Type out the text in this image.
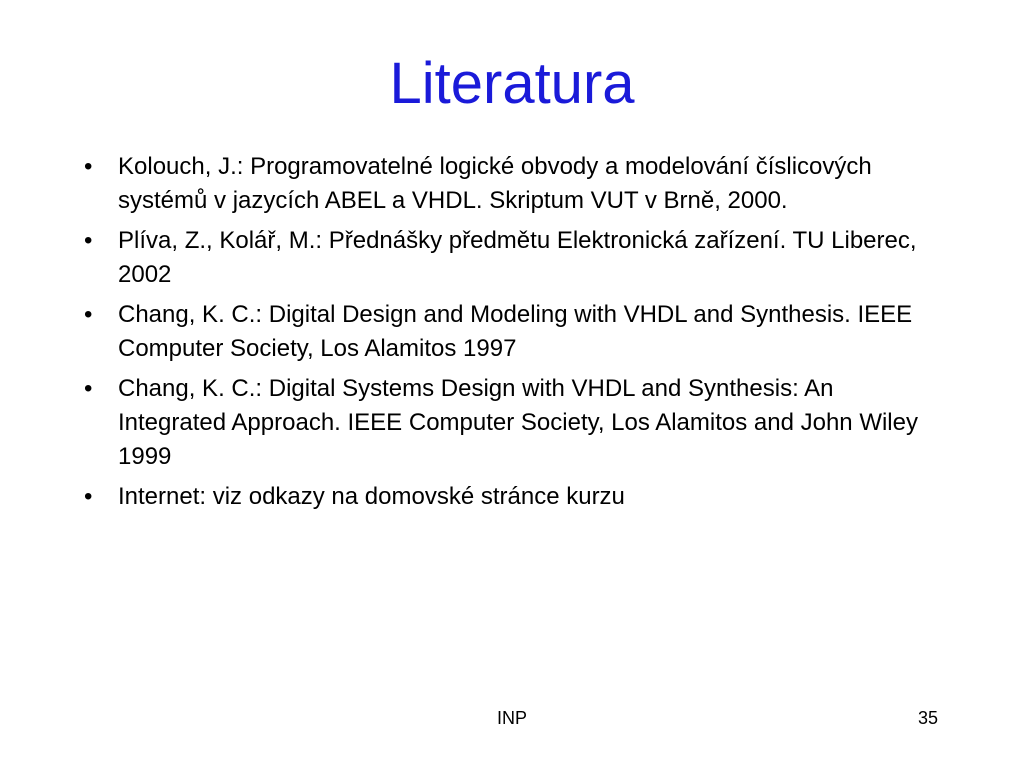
Literatura
•	Kolouch, J.: Programovatelné logické obvody a modelování číslicových systémů v jazycích ABEL a VHDL. Skriptum VUT v Brně, 2000.
•	Plíva, Z., Kolář, M.: Přednášky předmětu Elektronická zařízení. TU Liberec, 2002
•	Chang, K. C.: Digital Design and Modeling with VHDL and Synthesis. IEEE Computer Society, Los Alamitos 1997
•	Chang, K. C.: Digital Systems Design with VHDL and Synthesis: An Integrated Approach. IEEE Computer Society, Los Alamitos and John Wiley 1999
•	Internet: viz odkazy na domovské stránce kurzu
INP	35
